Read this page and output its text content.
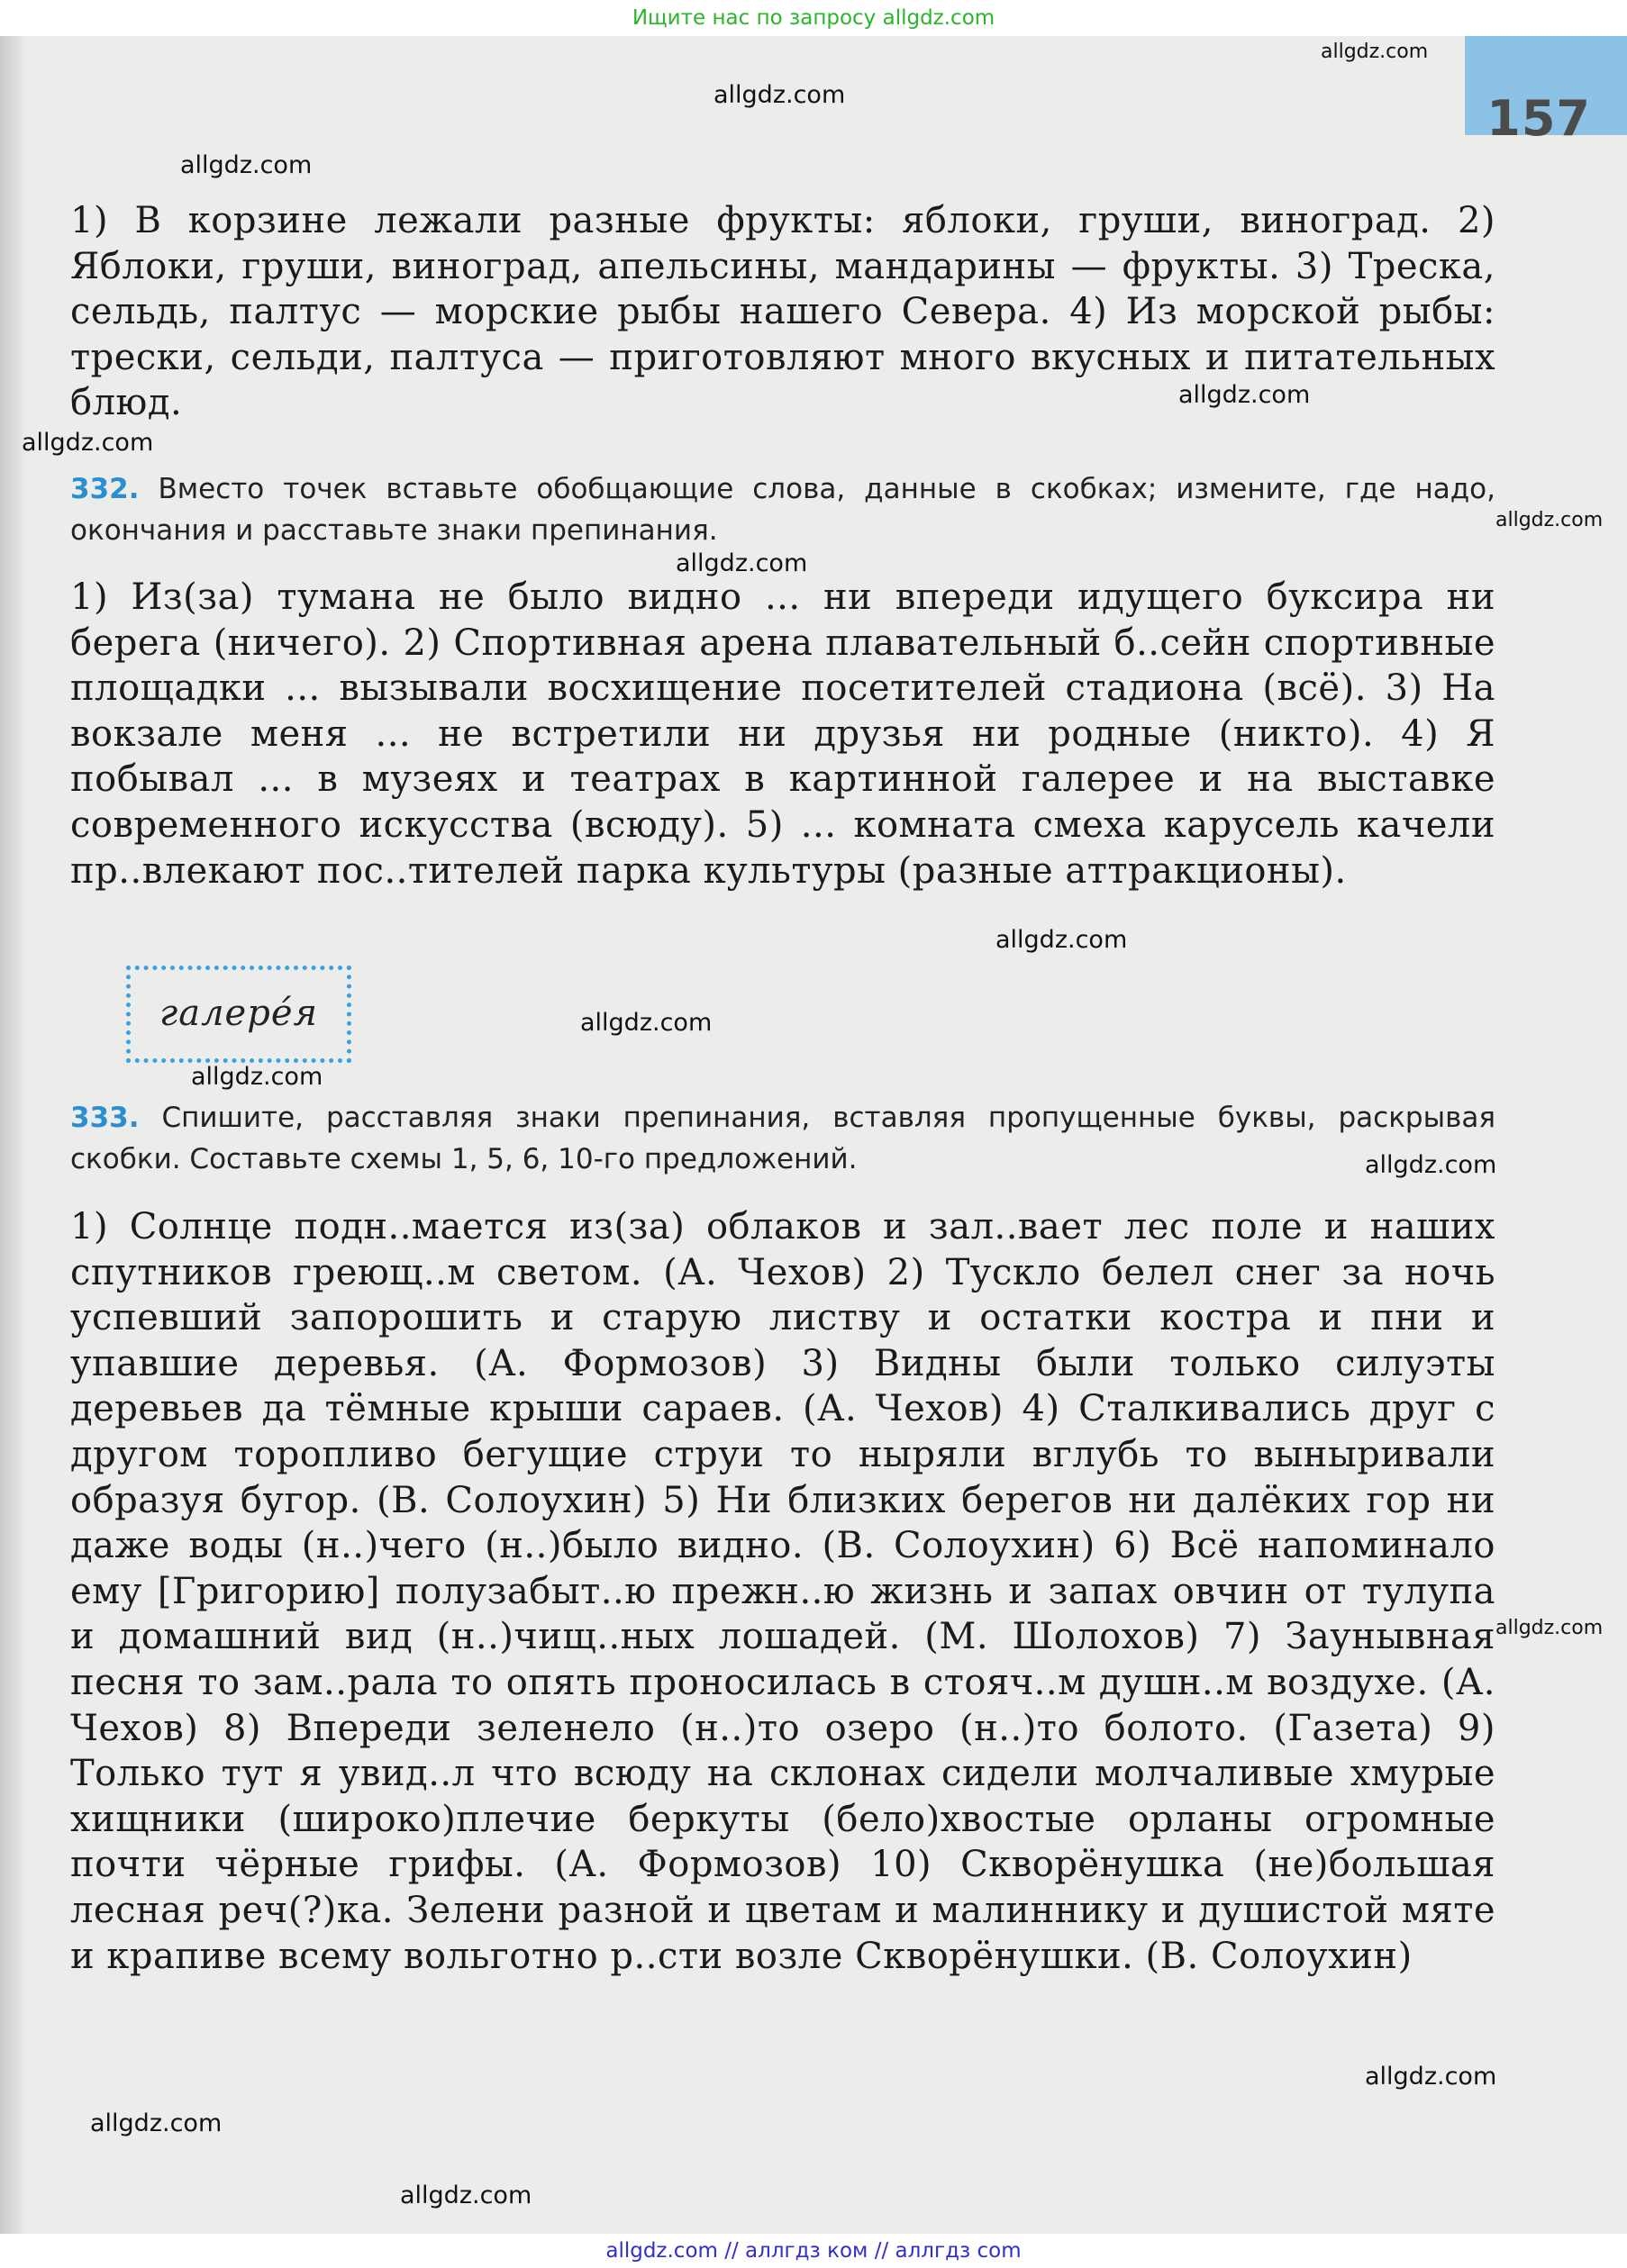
Ищите нас по запросу allgdz.com
157
1) В корзине лежали разные фрукты: яблоки, груши, виноград. 2) Яблоки, груши, виноград, апельсины, мандарины — фрукты. 3) Треска, сельдь, палтус — морские рыбы нашего Севера. 4) Из морской рыбы: трески, сельди, палтуса — приготовляют много вкусных и питательных блюд.
332. Вместо точек вставьте обобщающие слова, данные в скобках; измените, где надо, окончания и расставьте знаки препинания.
1) Из(за) тумана не было видно ... ни впереди идущего буксира ни берега (ничего). 2) Спортивная арена плавательный б..сейн спортивные площадки ... вызывали восхищение посетителей стадиона (всё). 3) На вокзале меня ... не встретили ни друзья ни родные (никто). 4) Я побывал ... в музеях и театрах в картинной галерее и на выставке современного искусства (всюду). 5) ... комната смеха карусель качели пр..влекают пос..тителей парка культуры (разные аттракционы).
галере́я
333. Спишите, расставляя знаки препинания, вставляя пропущенные буквы, раскрывая скобки. Составьте схемы 1, 5, 6, 10-го предложений.
1) Солнце подн..мается из(за) облаков и зал..вает лес поле и наших спутников греющ..м светом. (А. Чехов) 2) Тускло белел снег за ночь успевший запорошить и старую листву и остатки костра и пни и упавшие деревья. (А. Формозов) 3) Видны были только силуэты деревьев да тёмные крыши сараев. (А. Чехов) 4) Сталкивались друг с другом торопливо бегущие струи то ныряли вглубь то выныривали образуя бугор. (В. Солоухин) 5) Ни близких берегов ни далёких гор ни даже воды (н..)чего (н..)было видно. (В. Солоухин) 6) Всё напоминало ему [Григорию] полузабыт..ю прежн..ю жизнь и запах овчин от тулупа и домашний вид (н..)чищ..ных лошадей. (М. Шолохов) 7) Заунывная песня то зам..рала то опять проносилась в стояч..м душн..м воздухе. (А. Чехов) 8) Впереди зеленело (н..)то озеро (н..)то болото. (Газета) 9) Только тут я увид..л что всюду на склонах сидели молчаливые хмурые хищники (широко)плечие беркуты (бело)хвостые орланы огромные почти чёрные грифы. (А. Формозов) 10) Скворёнушка (не)большая лесная реч(?)ка. Зелени разной и цветам и малиннику и душистой мяте и крапиве всему вольготно р..сти возле Скворёнушки. (В. Солоухин)
allgdz.com
allgdz.com
allgdz.com
allgdz.com
allgdz.com
allgdz.com
allgdz.com
allgdz.com
allgdz.com
allgdz.com
allgdz.com
allgdz.com
allgdz.com
allgdz.com
allgdz.com
allgdz.com // аллгдз ком // аллгдз com
